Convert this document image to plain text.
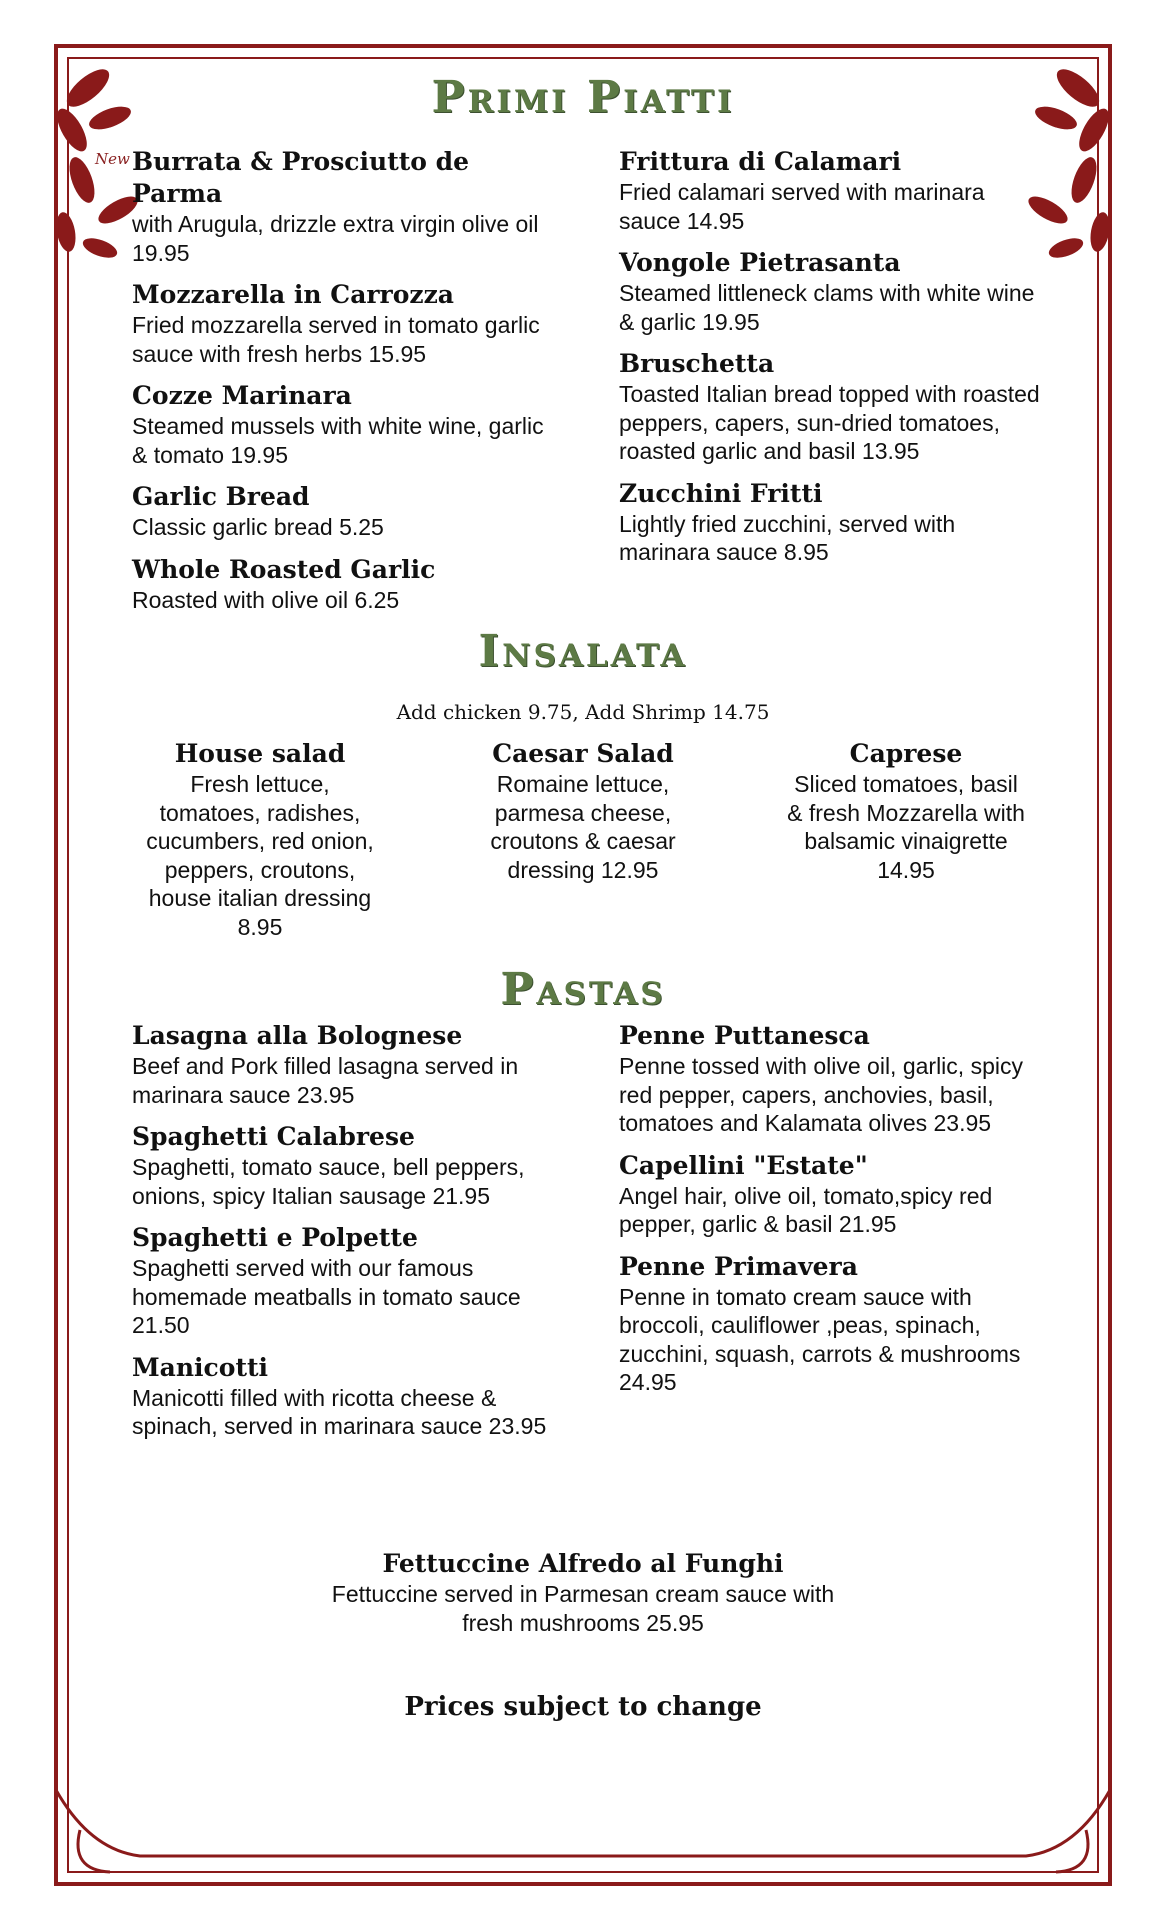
Primi Piatti
New Burrata & Prosciutto de Parma
with Arugula, drizzle extra virgin olive oil 19.95
Mozzarella in Carrozza
Fried mozzarella served in tomato garlic sauce with fresh herbs 15.95
Cozze Marinara
Steamed mussels with white wine, garlic & tomato 19.95
Garlic Bread
Classic garlic bread 5.25
Whole Roasted Garlic
Roasted with olive oil 6.25
Frittura di Calamari
Fried calamari served with marinara sauce 14.95
Vongole Pietrasanta
Steamed littleneck clams with white wine & garlic 19.95
Bruschetta
Toasted Italian bread topped with roasted peppers, capers, sun-dried tomatoes, roasted garlic and basil 13.95
Zucchini Fritti
Lightly fried zucchini, served with marinara sauce 8.95
Insalata
Add chicken 9.75, Add Shrimp 14.75
House salad
Fresh lettuce, tomatoes, radishes, cucumbers, red onion, peppers, croutons, house italian dressing 8.95
Caesar Salad
Romaine lettuce, parmesa cheese, croutons & caesar dressing 12.95
Caprese
Sliced tomatoes, basil & fresh Mozzarella with balsamic vinaigrette 14.95
Pastas
Lasagna alla Bolognese
Beef and Pork filled lasagna served in marinara sauce 23.95
Spaghetti Calabrese
Spaghetti, tomato sauce, bell peppers, onions, spicy Italian sausage 21.95
Spaghetti e Polpette
Spaghetti served with our famous homemade meatballs in tomato sauce 21.50
Manicotti
Manicotti filled with ricotta cheese & spinach, served in marinara sauce 23.95
Penne Puttanesca
Penne tossed with olive oil, garlic, spicy red pepper, capers, anchovies, basil, tomatoes and Kalamata olives 23.95
Capellini "Estate"
Angel hair, olive oil, tomato,spicy red pepper, garlic & basil 21.95
Penne Primavera
Penne in tomato cream sauce with broccoli, cauliflower ,peas, spinach, zucchini, squash, carrots & mushrooms 24.95
Fettuccine Alfredo al Funghi
Fettuccine served in Parmesan cream sauce with fresh mushrooms 25.95
Prices subject to change
